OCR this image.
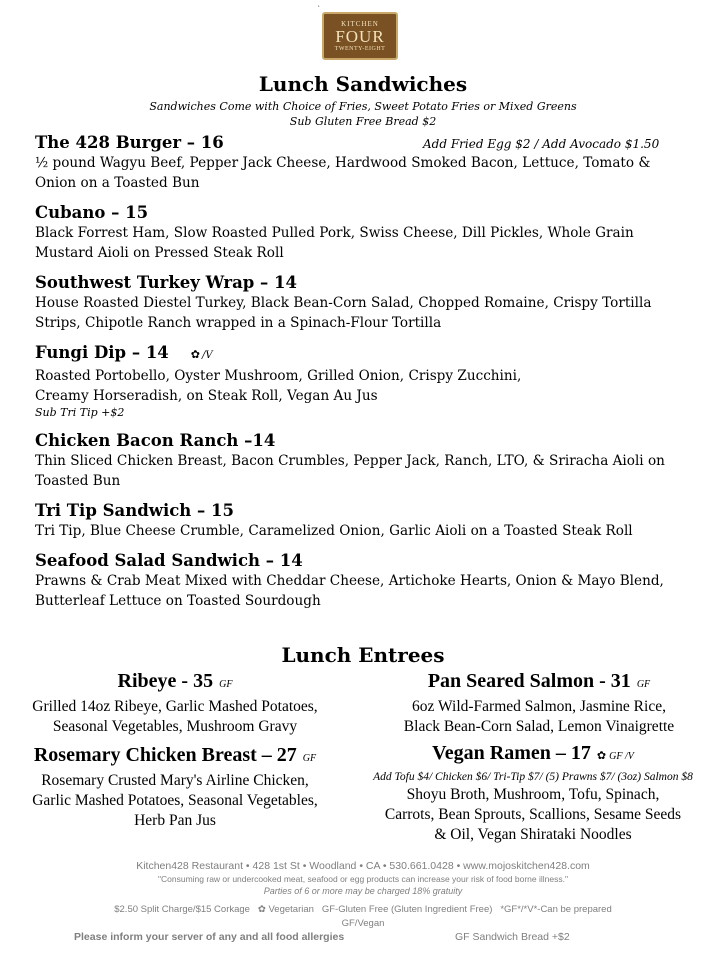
`
KITCHEN
FOUR
TWENTY-EIGHT
Lunch Sandwiches
Sandwiches Come with Choice of Fries, Sweet Potato Fries or Mixed Greens
Sub Gluten Free Bread $2
Add Fried Egg $2 / Add Avocado $1.50
The 428 Burger – 16
½ pound Wagyu Beef, Pepper Jack Cheese, Hardwood Smoked Bacon, Lettuce, Tomato &
Onion on a Toasted Bun
Cubano – 15
Black Forrest Ham, Slow Roasted Pulled Pork, Swiss Cheese, Dill Pickles, Whole Grain
Mustard Aioli on Pressed Steak Roll
Southwest Turkey Wrap – 14
House Roasted Diestel Turkey, Black Bean-Corn Salad, Chopped Romaine, Crispy Tortilla
Strips, Chipotle Ranch wrapped in a Spinach-Flour Tortilla
Fungi Dip – 14 ✿ /V
Roasted Portobello, Oyster Mushroom, Grilled Onion, Crispy Zucchini,
Creamy Horseradish, on Steak Roll, Vegan Au Jus
Sub Tri Tip +$2
Chicken Bacon Ranch –14
Thin Sliced Chicken Breast, Bacon Crumbles, Pepper Jack, Ranch, LTO, & Sriracha Aioli on
Toasted Bun
Tri Tip Sandwich – 15
Tri Tip, Blue Cheese Crumble, Caramelized Onion, Garlic Aioli on a Toasted Steak Roll
Seafood Salad Sandwich – 14
Prawns & Crab Meat Mixed with Cheddar Cheese, Artichoke Hearts, Onion & Mayo Blend,
Butterleaf Lettuce on Toasted Sourdough
Lunch Entrees
Ribeye - 35 GF
Grilled 14oz Ribeye, Garlic Mashed Potatoes,
Seasonal Vegetables, Mushroom Gravy
Pan Seared Salmon - 31 GF
6oz Wild-Farmed Salmon, Jasmine Rice,
Black Bean-Corn Salad, Lemon Vinaigrette
Rosemary Chicken Breast – 27 GF
Rosemary Crusted Mary's Airline Chicken,
Garlic Mashed Potatoes, Seasonal Vegetables,
Herb Pan Jus
Vegan Ramen – 17 ✿ GF /V
Add Tofu $4/ Chicken $6/ Tri-Tip $7/ (5) Prawns $7/ (3oz) Salmon $8
Shoyu Broth, Mushroom, Tofu, Spinach,
Carrots, Bean Sprouts, Scallions, Sesame Seeds
& Oil, Vegan Shirataki Noodles
Kitchen428 Restaurant • 428 1st St • Woodland • CA • 530.661.0428 • www.mojoskitchen428.com
"Consuming raw or undercooked meat, seafood or egg products can increase your risk of food borne illness."
Parties of 6 or more may be charged 18% gratuity
$2.50 Split Charge/$15 Corkage ✿ Vegetarian GF-Gluten Free (Gluten Ingredient Free) *GF*/*V*-Can be prepared
GF/Vegan
Please inform your server of any and all food allergies	GF Sandwich Bread +$2
